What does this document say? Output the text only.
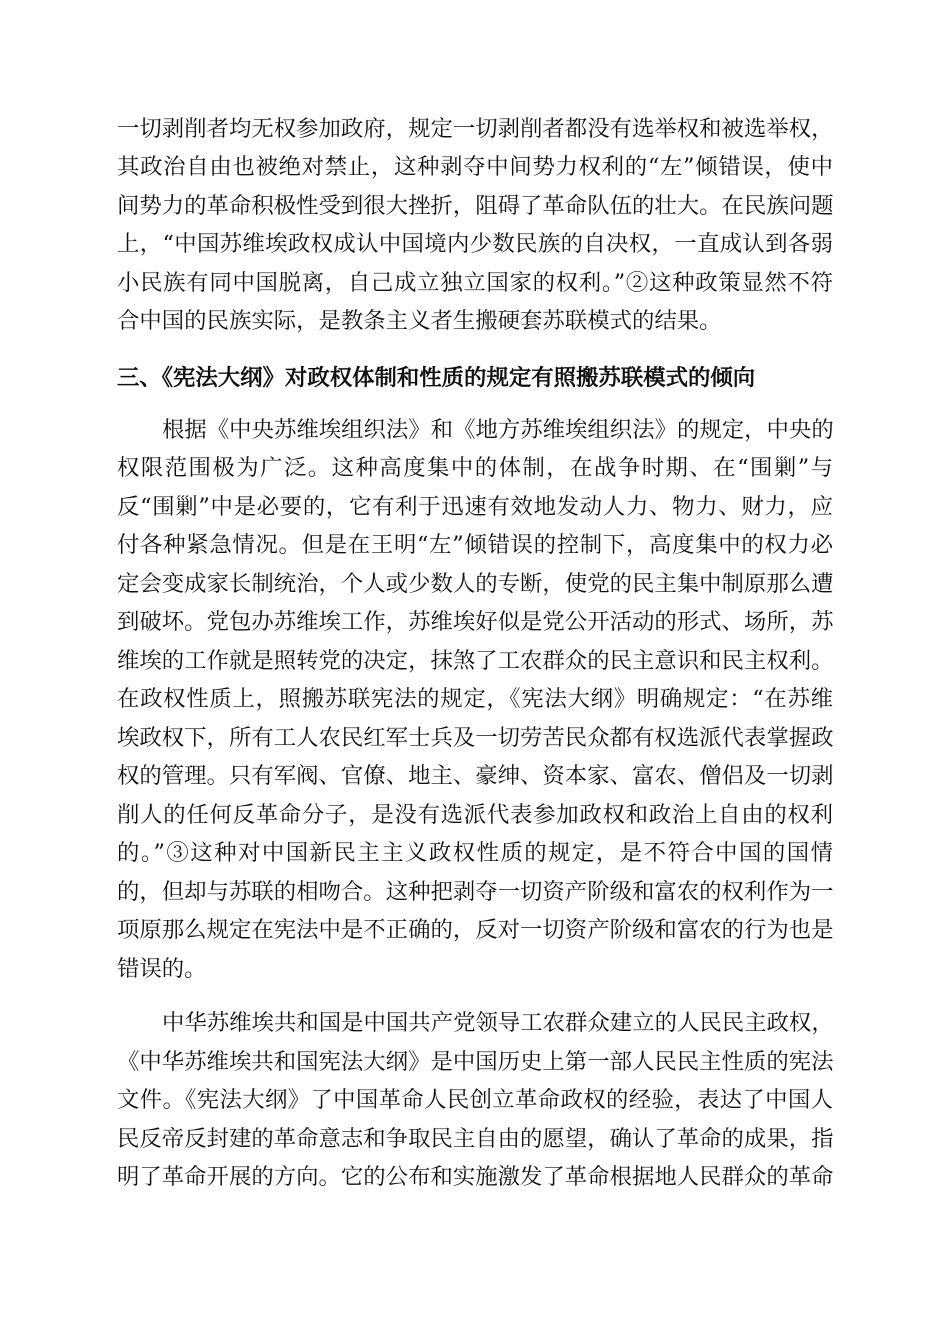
一切剥削者均无权参加政府，规定一切剥削者都没有选举权和被选举权，
其政治自由也被绝对禁止，这种剥夺中间势力权利的“左”倾错误，使中
间势力的革命积极性受到很大挫折，阻碍了革命队伍的壮大。在民族问题
上，“中国苏维埃政权成认中国境内少数民族的自决权，一直成认到各弱
小民族有同中国脱离，自己成立独立国家的权利。”②这种政策显然不符
合中国的民族实际，是教条主义者生搬硬套苏联模式的结果。
三、《宪法大纲》对政权体制和性质的规定有照搬苏联模式的倾向
根据《中央苏维埃组织法》和《地方苏维埃组织法》的规定，中央的
权限范围极为广泛。这种高度集中的体制，在战争时期、在“围剿”与
反“围剿”中是必要的，它有利于迅速有效地发动人力、物力、财力，应
付各种紧急情况。但是在王明“左”倾错误的控制下，高度集中的权力必
定会变成家长制统治，个人或少数人的专断，使党的民主集中制原那么遭
到破坏。党包办苏维埃工作，苏维埃好似是党公开活动的形式、场所，苏
维埃的工作就是照转党的决定，抹煞了工农群众的民主意识和民主权利。
在政权性质上，照搬苏联宪法的规定，《宪法大纲》明确规定：“在苏维
埃政权下，所有工人农民红军士兵及一切劳苦民众都有权选派代表掌握政
权的管理。只有军阀、官僚、地主、豪绅、资本家、富农、僧侣及一切剥
削人的任何反革命分子，是没有选派代表参加政权和政治上自由的权利
的。”③这种对中国新民主主义政权性质的规定，是不符合中国的国情
的，但却与苏联的相吻合。这种把剥夺一切资产阶级和富农的权利作为一
项原那么规定在宪法中是不正确的，反对一切资产阶级和富农的行为也是
错误的。
中华苏维埃共和国是中国共产党领导工农群众建立的人民民主政权，
《中华苏维埃共和国宪法大纲》是中国历史上第一部人民民主性质的宪法
文件。《宪法大纲》了中国革命人民创立革命政权的经验，表达了中国人
民反帝反封建的革命意志和争取民主自由的愿望，确认了革命的成果，指
明了革命开展的方向。它的公布和实施激发了革命根据地人民群众的革命
